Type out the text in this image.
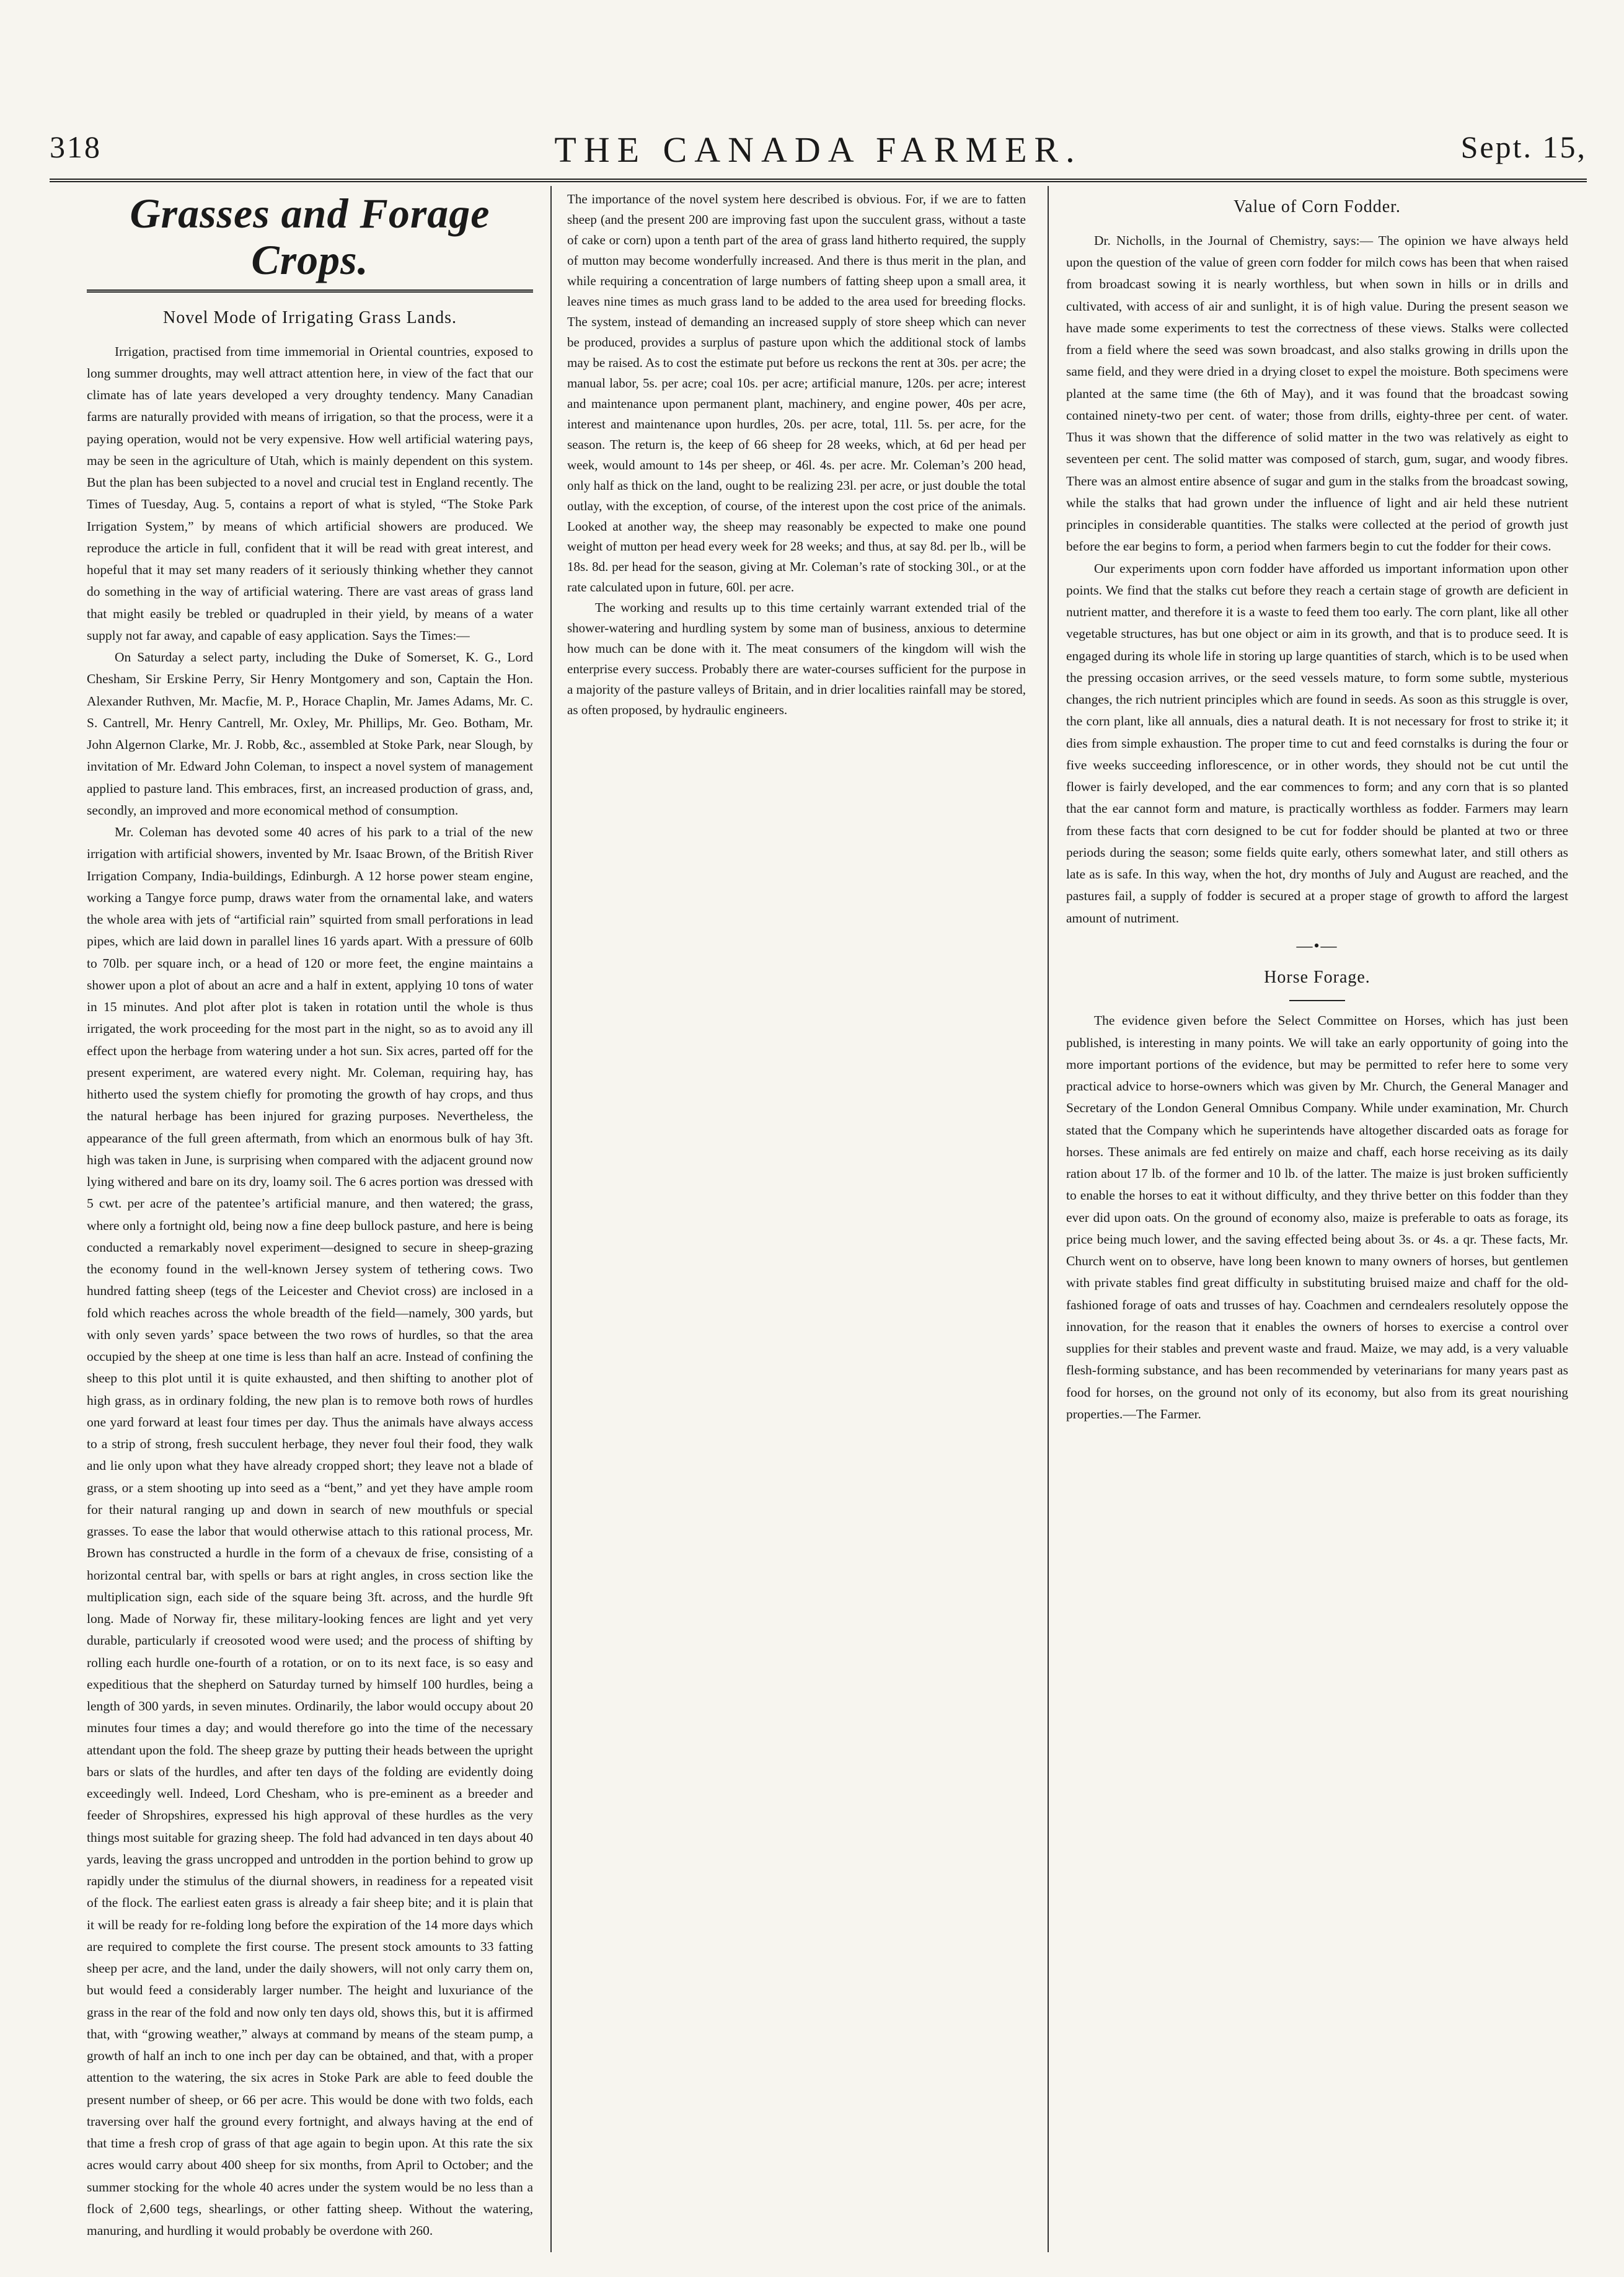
318	THE CANADA FARMER.	Sept. 15,
Grasses and Forage Crops.
Novel Mode of Irrigating Grass Lands.

Irrigation, practised from time immemorial in Oriental countries, exposed to long summer droughts, may well attract attention here, in view of the fact that our climate has of late years developed a very droughty tendency. Many Canadian farms are naturally provided with means of irrigation, so that the process, were it a paying operation, would not be very expensive. How well artificial watering pays, may be seen in the agriculture of Utah, which is mainly dependent on this system. But the plan has been subjected to a novel and crucial test in England recently. The Times of Tuesday, Aug. 5, contains a report of what is styled, “The Stoke Park Irrigation System,” by means of which artificial showers are produced. We reproduce the article in full, confident that it will be read with great interest, and hopeful that it may set many readers of it seriously thinking whether they cannot do something in the way of artificial watering. There are vast areas of grass land that might easily be trebled or quadrupled in their yield, by means of a water supply not far away, and capable of easy application. Says the Times:—

On Saturday a select party, including the Duke of Somerset, K. G., Lord Chesham, Sir Erskine Perry, Sir Henry Montgomery and son, Captain the Hon. Alexander Ruthven, Mr. Macfie, M. P., Horace Chaplin, Mr. James Adams, Mr. C. S. Cantrell, Mr. Henry Cantrell, Mr. Oxley, Mr. Phillips, Mr. Geo. Botham, Mr. John Algernon Clarke, Mr. J. Robb, &c., assembled at Stoke Park, near Slough, by invitation of Mr. Edward John Coleman, to inspect a novel system of management applied to pasture land. This embraces, first, an increased production of grass, and, secondly, an improved and more economical method of consumption.

Mr. Coleman has devoted some 40 acres of his park to a trial of the new irrigation with artificial showers, invented by Mr. Isaac Brown, of the British River Irrigation Company, India-buildings, Edinburgh. A 12 horse power steam engine, working a Tangye force pump, draws water from the ornamental lake, and waters the whole area with jets of “artificial rain” squirted from small perforations in lead pipes, which are laid down in parallel lines 16 yards apart. With a pressure of 60lb to 70lb. per square inch, or a head of 120 or more feet, the engine maintains a shower upon a plot of about an acre and a half in extent, applying 10 tons of water in 15 minutes. And plot after plot is taken in rotation until the whole is thus irrigated, the work proceeding for the most part in the night, so as to avoid any ill effect upon the herbage from watering under a hot sun. Six acres, parted off for the present experiment, are watered every night. Mr. Coleman, requiring hay, has hitherto used the system chiefly for promoting the growth of hay crops, and thus the natural herbage has been injured for grazing purposes. Nevertheless, the appearance of the full green aftermath, from which an enormous bulk of hay 3ft. high was taken in June, is surprising when compared with the adjacent ground now lying withered and bare on its dry, loamy soil. The 6 acres portion was dressed with 5 cwt. per acre of the patentee’s artificial manure, and then watered; the grass, where only a fortnight old, being now a fine deep bullock pasture, and here is being conducted a remarkably novel experiment—designed to secure in sheep-grazing the economy found in the well-known Jersey system of tethering cows. Two hundred fatting sheep (tegs of the Leicester and Cheviot cross) are inclosed in a fold which reaches across the whole breadth of the field—namely, 300 yards, but with only seven yards’ space between the two rows of hurdles, so that the area occupied by the sheep at one time is less than half an acre. Instead of confining the sheep to this plot until it is quite exhausted, and then shifting to another plot of high grass, as in ordinary folding, the new plan is to remove both rows of hurdles one yard forward at least four times per day. Thus the animals have always access to a strip of strong, fresh succulent herbage, they never foul their food, they walk and lie only upon what they have already cropped short; they leave not a blade of grass, or a stem shooting up into seed as a “bent,” and yet they have ample room for their natural ranging up and down in search of new mouthfuls or special grasses. To ease the labor that would otherwise attach to this rational process, Mr. Brown has constructed a hurdle in the form of a chevaux de frise, consisting of a horizontal central bar, with spells or bars at right angles, in cross section like the multiplication sign, each side of the square being 3ft. across, and the hurdle 9ft long. Made of Norway fir, these military-looking fences are light and yet very durable, particularly if creosoted wood were used; and the process of shifting by rolling each hurdle one-fourth of a rotation, or on to its next face, is so easy and expeditious that the shepherd on Saturday turned by himself 100 hurdles, being a length of 300 yards, in seven minutes. Ordinarily, the labor would occupy about 20 minutes four times a day; and would therefore go into the time of the necessary attendant upon the fold. The sheep graze by putting their heads between the upright bars or slats of the hurdles, and after ten days of the folding are evidently doing exceedingly well. Indeed, Lord Chesham, who is pre-eminent as a breeder and feeder of Shropshires, expressed his high approval of these hurdles as the very things most suitable for grazing sheep. The fold had advanced in ten days about 40 yards, leaving the grass uncropped and untrodden in the portion behind to grow up rapidly under the stimulus of the diurnal showers, in readiness for a repeated visit of the flock. The earliest eaten grass is already a fair sheep bite; and it is plain that it will be ready for re-folding long before the expiration of the 14 more days which are required to complete the first course. The present stock amounts to 33 fatting sheep per acre, and the land, under the daily showers, will not only carry them on, but would feed a considerably larger number. The height and luxuriance of the grass in the rear of the fold and now only ten days old, shows this, but it is affirmed that, with “growing weather,” always at command by means of the steam pump, a growth of half an inch to one inch per day can be obtained, and that, with a proper attention to the watering, the six acres in Stoke Park are able to feed double the present number of sheep, or 66 per acre. This would be done with two folds, each traversing over half the ground every fortnight, and always having at the end of that time a fresh crop of grass of that age again to begin upon. At this rate the six acres would carry about 400 sheep for six months, from April to October; and the summer stocking for the whole 40 acres under the system would be no less than a flock of 2,600 tegs, shearlings, or other fatting sheep. Without the watering, manuring, and hurdling it would probably be overdone with 260.

The importance of the novel system here described is obvious. For, if we are to fatten sheep (and the present 200 are improving fast upon the succulent grass, without a taste of cake or corn) upon a tenth part of the area of grass land hitherto required, the supply of mutton may become wonderfully increased. And there is thus merit in the plan, and while requiring a concentration of large numbers of fatting sheep upon a small area, it leaves nine times as much grass land to be added to the area used for breeding flocks. The system, instead of demanding an increased supply of store sheep which can never be produced, provides a surplus of pasture upon which the additional stock of lambs may be raised. As to cost the estimate put before us reckons the rent at 30s. per acre; the manual labor, 5s. per acre; coal 10s. per acre; artificial manure, 120s. per acre; interest and maintenance upon permanent plant, machinery, and engine power, 40s per acre, interest and maintenance upon hurdles, 20s. per acre, total, 11l. 5s. per acre, for the season. The return is, the keep of 66 sheep for 28 weeks, which, at 6d per head per week, would amount to 14s per sheep, or 46l. 4s. per acre. Mr. Coleman’s 200 head, only half as thick on the land, ought to be realizing 23l. per acre, or just double the total outlay, with the exception, of course, of the interest upon the cost price of the animals. Looked at another way, the sheep may reasonably be expected to make one pound weight of mutton per head every week for 28 weeks; and thus, at say 8d. per lb., will be 18s. 8d. per head for the season, giving at Mr. Coleman’s rate of stocking 30l., or at the rate calculated upon in future, 60l. per acre.

The working and results up to this time certainly warrant extended trial of the shower-watering and hurdling system by some man of business, anxious to determine how much can be done with it. The meat consumers of the kingdom will wish the enterprise every success. Probably there are water-courses sufficient for the purpose in a majority of the pasture valleys of Britain, and in drier localities rainfall may be stored, as often proposed, by hydraulic engineers.

Value of Corn Fodder.

Dr. Nicholls, in the Journal of Chemistry, says:— The opinion we have always held upon the question of the value of green corn fodder for milch cows has been that when raised from broadcast sowing it is nearly worthless, but when sown in hills or in drills and cultivated, with access of air and sunlight, it is of high value. During the present season we have made some experiments to test the correctness of these views. Stalks were collected from a field where the seed was sown broadcast, and also stalks growing in drills upon the same field, and they were dried in a drying closet to expel the moisture. Both specimens were planted at the same time (the 6th of May), and it was found that the broadcast sowing contained ninety-two per cent. of water; those from drills, eighty-three per cent. of water. Thus it was shown that the difference of solid matter in the two was relatively as eight to seventeen per cent. The solid matter was composed of starch, gum, sugar, and woody fibres. There was an almost entire absence of sugar and gum in the stalks from the broadcast sowing, while the stalks that had grown under the influence of light and air held these nutrient principles in considerable quantities. The stalks were collected at the period of growth just before the ear begins to form, a period when farmers begin to cut the fodder for their cows.

Our experiments upon corn fodder have afforded us important information upon other points. We find that the stalks cut before they reach a certain stage of growth are deficient in nutrient matter, and therefore it is a waste to feed them too early. The corn plant, like all other vegetable structures, has but one object or aim in its growth, and that is to produce seed. It is engaged during its whole life in storing up large quantities of starch, which is to be used when the pressing occasion arrives, or the seed vessels mature, to form some subtle, mysterious changes, the rich nutrient principles which are found in seeds. As soon as this struggle is over, the corn plant, like all annuals, dies a natural death. It is not necessary for frost to strike it; it dies from simple exhaustion. The proper time to cut and feed cornstalks is during the four or five weeks succeeding inflorescence, or in other words, they should not be cut until the flower is fairly developed, and the ear commences to form; and any corn that is so planted that the ear cannot form and mature, is practically worthless as fodder. Farmers may learn from these facts that corn designed to be cut for fodder should be planted at two or three periods during the season; some fields quite early, others somewhat later, and still others as late as is safe. In this way, when the hot, dry months of July and August are reached, and the pastures fail, a supply of fodder is secured at a proper stage of growth to afford the largest amount of nutriment.

—•—
Horse Forage.

The evidence given before the Select Committee on Horses, which has just been published, is interesting in many points. We will take an early opportunity of going into the more important portions of the evidence, but may be permitted to refer here to some very practical advice to horse-owners which was given by Mr. Church, the General Manager and Secretary of the London General Omnibus Company. While under examination, Mr. Church stated that the Company which he superintends have altogether discarded oats as forage for horses. These animals are fed entirely on maize and chaff, each horse receiving as its daily ration about 17 lb. of the former and 10 lb. of the latter. The maize is just broken sufficiently to enable the horses to eat it without difficulty, and they thrive better on this fodder than they ever did upon oats. On the ground of economy also, maize is preferable to oats as forage, its price being much lower, and the saving effected being about 3s. or 4s. a qr. These facts, Mr. Church went on to observe, have long been known to many owners of horses, but gentlemen with private stables find great difficulty in substituting bruised maize and chaff for the old-fashioned forage of oats and trusses of hay. Coachmen and cerndealers resolutely oppose the innovation, for the reason that it enables the owners of horses to exercise a control over supplies for their stables and prevent waste and fraud. Maize, we may add, is a very valuable flesh-forming substance, and has been recommended by veterinarians for many years past as food for horses, on the ground not only of its economy, but also from its great nourishing properties.—The Farmer.
